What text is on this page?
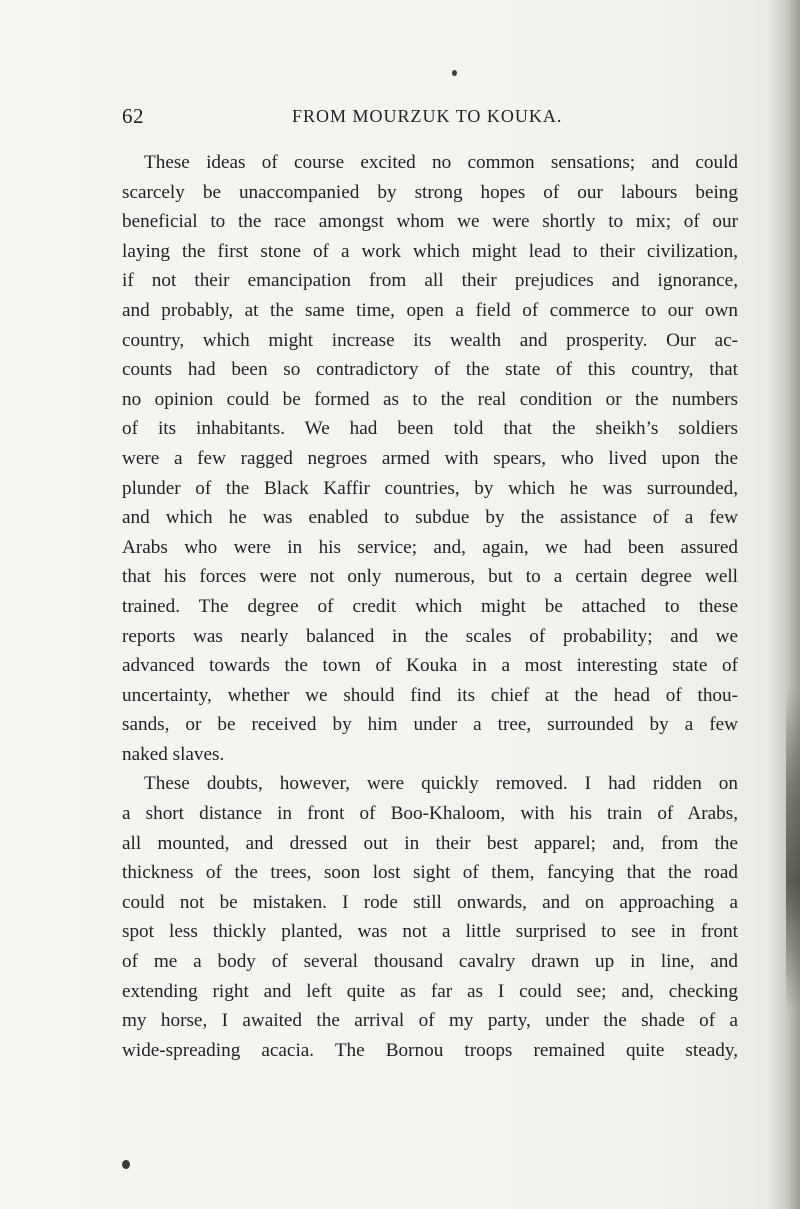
62	FROM MOURZUK TO KOUKA.
These ideas of course excited no common sensations; and could
scarcely be unaccompanied by strong hopes of our labours being
beneficial to the race amongst whom we were shortly to mix; of our
laying the first stone of a work which might lead to their civilization,
if not their emancipation from all their prejudices and ignorance,
and probably, at the same time, open a field of commerce to our own
country, which might increase its wealth and prosperity. Our ac-
counts had been so contradictory of the state of this country, that
no opinion could be formed as to the real condition or the numbers
of its inhabitants. We had been told that the sheikh’s soldiers
were a few ragged negroes armed with spears, who lived upon the
plunder of the Black Kaffir countries, by which he was surrounded,
and which he was enabled to subdue by the assistance of a few
Arabs who were in his service; and, again, we had been assured
that his forces were not only numerous, but to a certain degree well
trained. The degree of credit which might be attached to these
reports was nearly balanced in the scales of probability; and we
advanced towards the town of Kouka in a most interesting state of
uncertainty, whether we should find its chief at the head of thou-
sands, or be received by him under a tree, surrounded by a few
naked slaves.
These doubts, however, were quickly removed. I had ridden on
a short distance in front of Boo-Khaloom, with his train of Arabs,
all mounted, and dressed out in their best apparel; and, from the
thickness of the trees, soon lost sight of them, fancying that the road
could not be mistaken. I rode still onwards, and on approaching a
spot less thickly planted, was not a little surprised to see in front
of me a body of several thousand cavalry drawn up in line, and
extending right and left quite as far as I could see; and, checking
my horse, I awaited the arrival of my party, under the shade of a
wide-spreading acacia. The Bornou troops remained quite steady,
